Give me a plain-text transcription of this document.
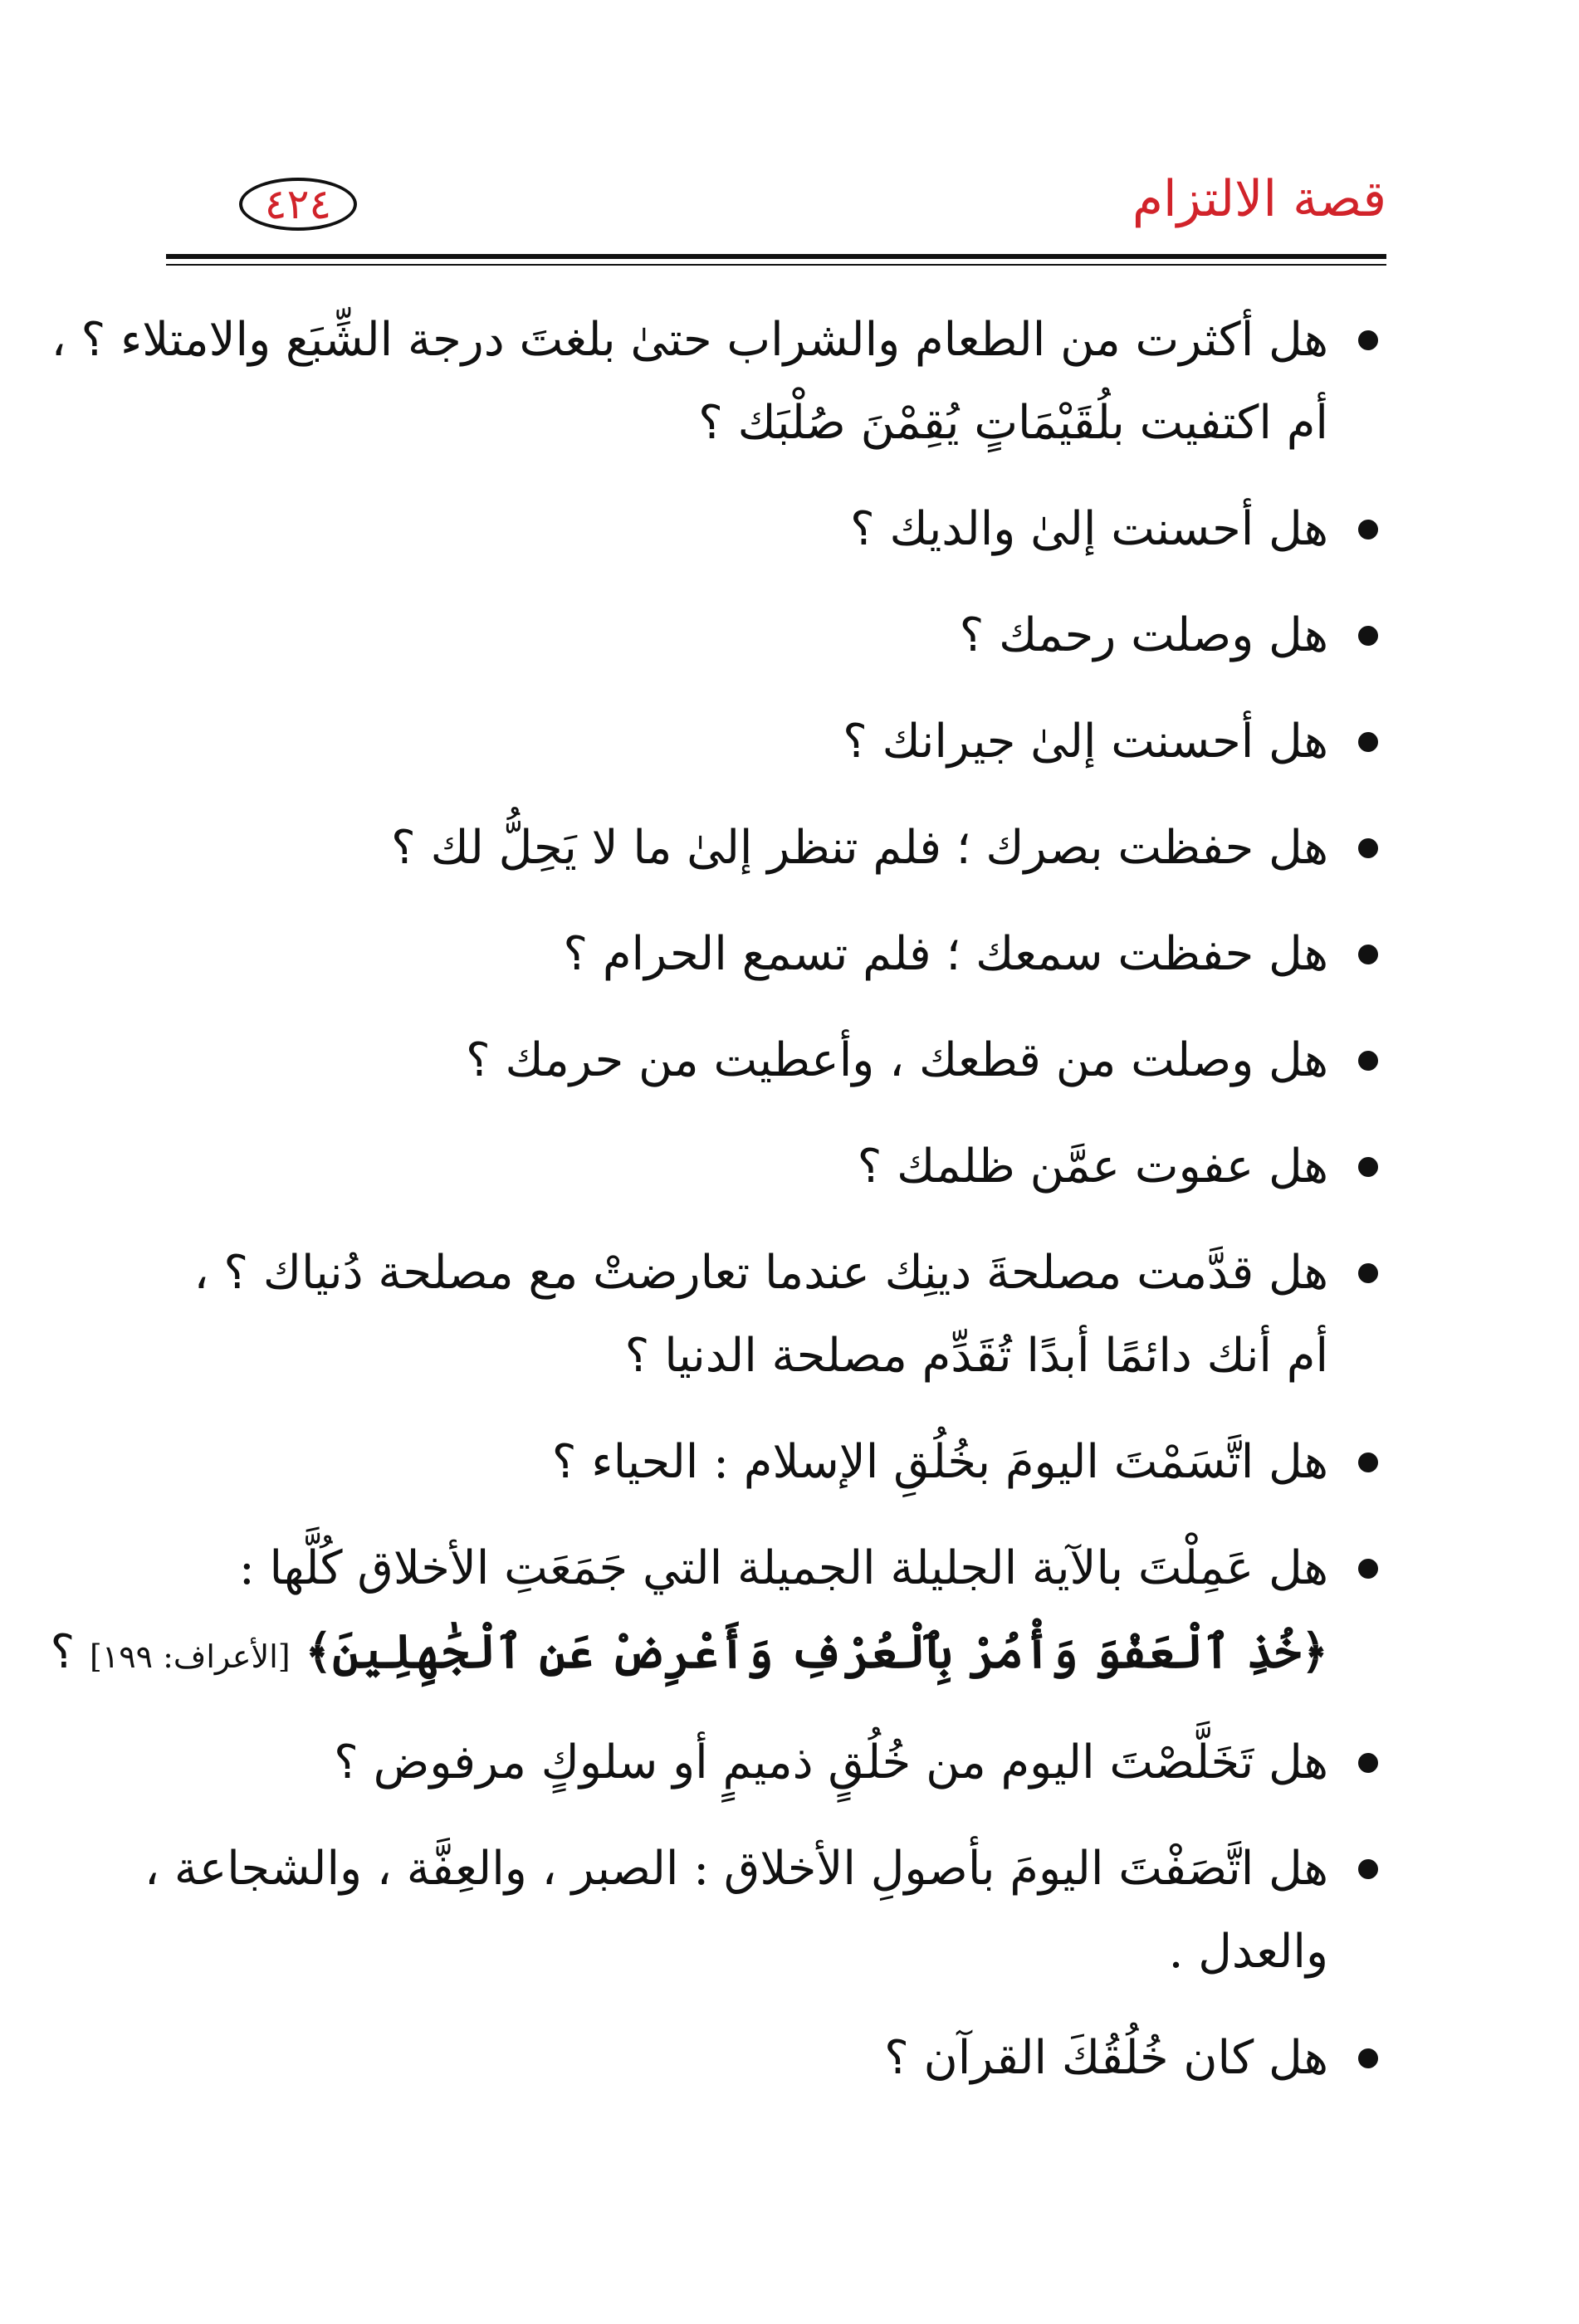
قصة الالتزام
٤٢٤
هل أكثرت من الطعام والشراب حتىٰ بلغتَ درجة الشِّبَع والامتلاء ؟ ،
أم اكتفيت بلُقَيْمَاتٍ يُقِمْنَ صُلْبَك ؟
هل أحسنت إلىٰ والديك ؟
هل وصلت رحمك ؟
هل أحسنت إلىٰ جيرانك ؟
هل حفظت بصرك ؛ فلم تنظر إلىٰ ما لا يَحِلُّ لك ؟
هل حفظت سمعك ؛ فلم تسمع الحرام ؟
هل وصلت من قطعك ، وأعطيت من حرمك ؟
هل عفوت عمَّن ظلمك ؟
هل قدَّمت مصلحةَ دينِك عندما تعارضتْ مع مصلحة دُنياك ؟ ،
أم أنك دائمًا أبدًا تُقَدِّم مصلحة الدنيا ؟
هل اتَّسَمْتَ اليومَ بخُلُقِ الإسلام : الحياء ؟
هل عَمِلْتَ بالآية الجليلة الجميلة التي جَمَعَتِ الأخلاق كُلَّها :
﴿خُذِ ٱلْعَفْوَ وَأْمُرْ بِٱلْعُرْفِ وَأَعْرِضْ عَنِ ٱلْجَٰهِلِينَ﴾ [الأعراف: ١٩٩] ؟
هل تَخَلَّصْتَ اليوم من خُلُقٍ ذميمٍ أو سلوكٍ مرفوض ؟
هل اتَّصَفْتَ اليومَ بأصولِ الأخلاق : الصبر ، والعِفَّة ، والشجاعة ،
والعدل .
هل كان خُلُقُكَ القرآن ؟
